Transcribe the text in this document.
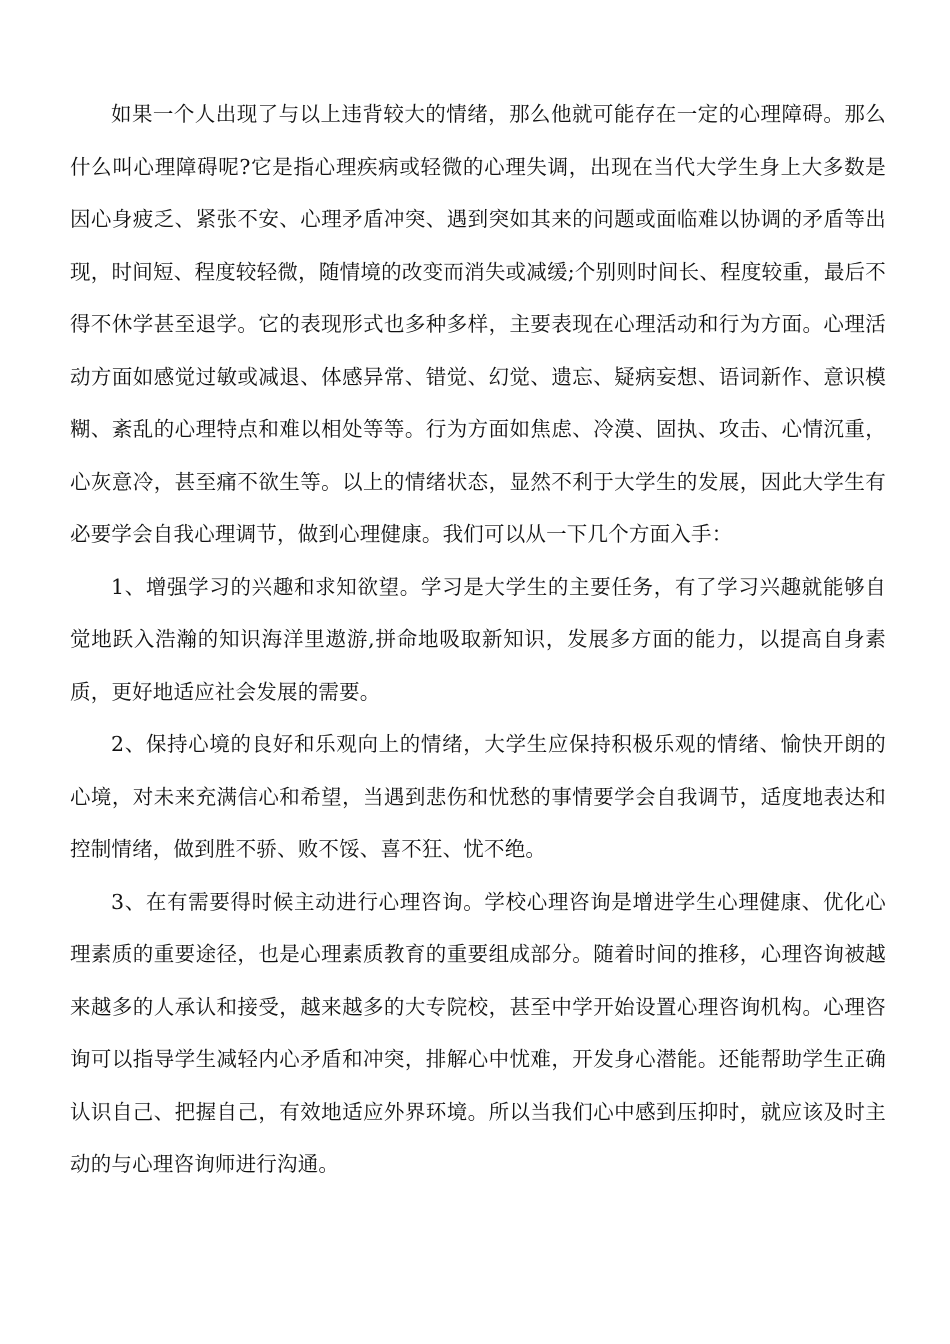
如果一个人出现了与以上违背较大的情绪，那么他就可能存在一定的心理障碍。那么什么叫心理障碍呢?它是指心理疾病或轻微的心理失调，出现在当代大学生身上大多数是因心身疲乏、紧张不安、心理矛盾冲突、遇到突如其来的问题或面临难以协调的矛盾等出现，时间短、程度较轻微，随情境的改变而消失或减缓;个别则时间长、程度较重，最后不得不休学甚至退学。它的表现形式也多种多样，主要表现在心理活动和行为方面。心理活动方面如感觉过敏或减退、体感异常、错觉、幻觉、遗忘、疑病妄想、语词新作、意识模糊、紊乱的心理特点和难以相处等等。行为方面如焦虑、冷漠、固执、攻击、心情沉重，心灰意冷，甚至痛不欲生等。以上的情绪状态，显然不利于大学生的发展，因此大学生有必要学会自我心理调节，做到心理健康。我们可以从一下几个方面入手：

1、增强学习的兴趣和求知欲望。学习是大学生的主要任务，有了学习兴趣就能够自觉地跃入浩瀚的知识海洋里遨游,拼命地吸取新知识，发展多方面的能力，以提高自身素质，更好地适应社会发展的需要。

2、保持心境的良好和乐观向上的情绪，大学生应保持积极乐观的情绪、愉快开朗的心境，对未来充满信心和希望，当遇到悲伤和忧愁的事情要学会自我调节，适度地表达和控制情绪，做到胜不骄、败不馁、喜不狂、忧不绝。

3、在有需要得时候主动进行心理咨询。学校心理咨询是增进学生心理健康、优化心理素质的重要途径，也是心理素质教育的重要组成部分。随着时间的推移，心理咨询被越来越多的人承认和接受，越来越多的大专院校，甚至中学开始设置心理咨询机构。心理咨询可以指导学生减轻内心矛盾和冲突，排解心中忧难，开发身心潜能。还能帮助学生正确认识自己、把握自己，有效地适应外界环境。所以当我们心中感到压抑时，就应该及时主动的与心理咨询师进行沟通。
